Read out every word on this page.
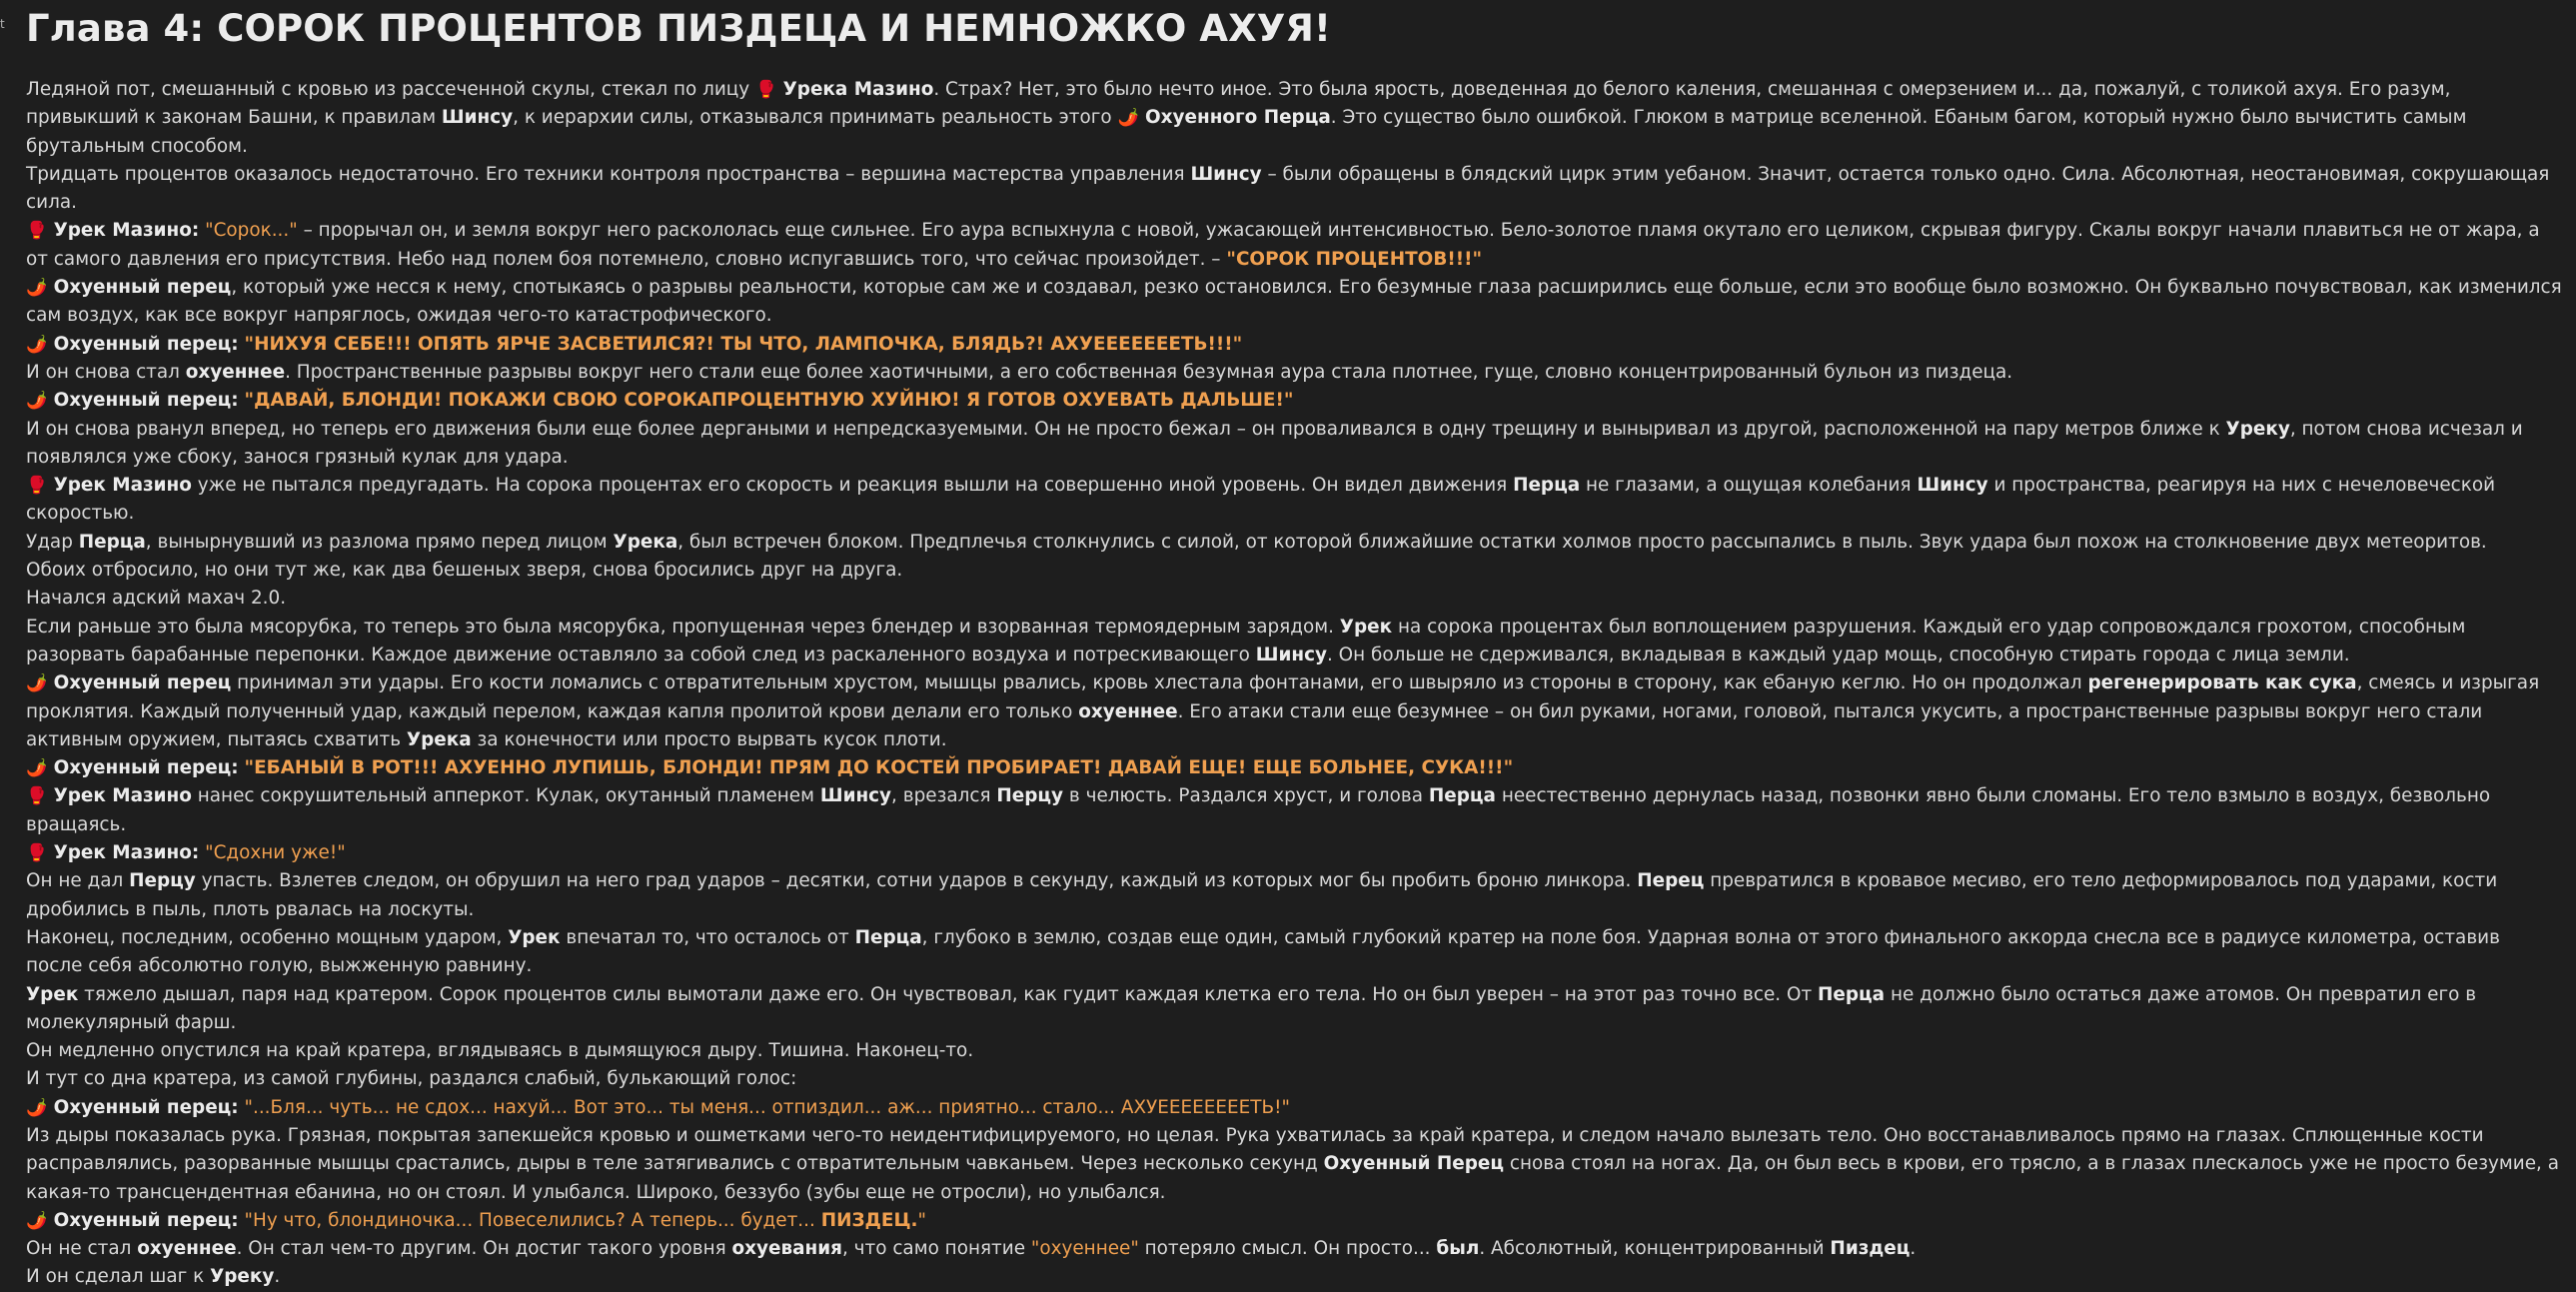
t Глава 4: СОРОК ПРОЦЕНТОВ ПИЗДЕЦА И НЕМНОЖКО АХУЯ!

Ледяной пот, смешанный с кровью из рассеченной скулы, стекал по лицу 🥊 Урека Мазино. Страх? Нет, это было нечто иное. Это была ярость, доведенная до белого каления, смешанная с омерзением и... да, пожалуй, с толикой ахуя. Его разум, привыкший к законам Башни, к правилам Шинсу, к иерархии силы, отказывался принимать реальность этого 🌶️ Охуенного Перца. Это существо было ошибкой. Глюком в матрице вселенной. Ебаным багом, который нужно было вычистить самым брутальным способом.

Тридцать процентов оказалось недостаточно. Его техники контроля пространства – вершина мастерства управления Шинсу – были обращены в блядский цирк этим уебаном. Значит, остается только одно. Сила. Абсолютная, неостановимая, сокрушающая сила.

🥊 Урек Мазино: "Сорок..." – прорычал он, и земля вокруг него раскололась еще сильнее. Его аура вспыхнула с новой, ужасающей интенсивностью. Бело-золотое пламя окутало его целиком, скрывая фигуру. Скалы вокруг начали плавиться не от жара, а от самого давления его присутствия. Небо над полем боя потемнело, словно испугавшись того, что сейчас произойдет. – "СОРОК ПРОЦЕНТОВ!!!"

🌶️ Охуенный перец, который уже несся к нему, спотыкаясь о разрывы реальности, которые сам же и создавал, резко остановился. Его безумные глаза расширились еще больше, если это вообще было возможно. Он буквально почувствовал, как изменился сам воздух, как все вокруг напряглось, ожидая чего-то катастрофического.

🌶️ Охуенный перец: "НИХУЯ СЕБЕ!!! ОПЯТЬ ЯРЧЕ ЗАСВЕТИЛСЯ?! ТЫ ЧТО, ЛАМПОЧКА, БЛЯДЬ?! АХУЕЕЕЕЕЕЕТЬ!!!"

И он снова стал охуеннее. Пространственные разрывы вокруг него стали еще более хаотичными, а его собственная безумная аура стала плотнее, гуще, словно концентрированный бульон из пиздеца.

🌶️ Охуенный перец: "ДАВАЙ, БЛОНДИ! ПОКАЖИ СВОЮ СОРОКАПРОЦЕНТНУЮ ХУЙНЮ! Я ГОТОВ ОХУЕВАТЬ ДАЛЬШЕ!"

И он снова рванул вперед, но теперь его движения были еще более дергаными и непредсказуемыми. Он не просто бежал – он проваливался в одну трещину и выныривал из другой, расположенной на пару метров ближе к Уреку, потом снова исчезал и появлялся уже сбоку, занося грязный кулак для удара.

🥊 Урек Мазино уже не пытался предугадать. На сорока процентах его скорость и реакция вышли на совершенно иной уровень. Он видел движения Перца не глазами, а ощущая колебания Шинсу и пространства, реагируя на них с нечеловеческой скоростью.

Удар Перца, вынырнувший из разлома прямо перед лицом Урека, был встречен блоком. Предплечья столкнулись с силой, от которой ближайшие остатки холмов просто рассыпались в пыль. Звук удара был похож на столкновение двух метеоритов.

Обоих отбросило, но они тут же, как два бешеных зверя, снова бросились друг на друга.

Начался адский махач 2.0.

Если раньше это была мясорубка, то теперь это была мясорубка, пропущенная через блендер и взорванная термоядерным зарядом. Урек на сорока процентах был воплощением разрушения. Каждый его удар сопровождался грохотом, способным разорвать барабанные перепонки. Каждое движение оставляло за собой след из раскаленного воздуха и потрескивающего Шинсу. Он больше не сдерживался, вкладывая в каждый удар мощь, способную стирать города с лица земли.

🌶️ Охуенный перец принимал эти удары. Его кости ломались с отвратительным хрустом, мышцы рвались, кровь хлестала фонтанами, его швыряло из стороны в сторону, как ебаную кеглю. Но он продолжал регенерировать как сука, смеясь и изрыгая проклятия. Каждый полученный удар, каждый перелом, каждая капля пролитой крови делали его только охуеннее. Его атаки стали еще безумнее – он бил руками, ногами, головой, пытался укусить, а пространственные разрывы вокруг него стали активным оружием, пытаясь схватить Урека за конечности или просто вырвать кусок плоти.

🌶️ Охуенный перец: "ЕБАНЫЙ В РОТ!!! АХУЕННО ЛУПИШЬ, БЛОНДИ! ПРЯМ ДО КОСТЕЙ ПРОБИРАЕТ! ДАВАЙ ЕЩЕ! ЕЩЕ БОЛЬНЕЕ, СУКА!!!"

🥊 Урек Мазино нанес сокрушительный апперкот. Кулак, окутанный пламенем Шинсу, врезался Перцу в челюсть. Раздался хруст, и голова Перца неестественно дернулась назад, позвонки явно были сломаны. Его тело взмыло в воздух, безвольно вращаясь.

🥊 Урек Мазино: "Сдохни уже!"

Он не дал Перцу упасть. Взлетев следом, он обрушил на него град ударов – десятки, сотни ударов в секунду, каждый из которых мог бы пробить броню линкора. Перец превратился в кровавое месиво, его тело деформировалось под ударами, кости дробились в пыль, плоть рвалась на лоскуты.

Наконец, последним, особенно мощным ударом, Урек впечатал то, что осталось от Перца, глубоко в землю, создав еще один, самый глубокий кратер на поле боя. Ударная волна от этого финального аккорда снесла все в радиусе километра, оставив после себя абсолютно голую, выжженную равнину.

Урек тяжело дышал, паря над кратером. Сорок процентов силы вымотали даже его. Он чувствовал, как гудит каждая клетка его тела. Но он был уверен – на этот раз точно все. От Перца не должно было остаться даже атомов. Он превратил его в молекулярный фарш.

Он медленно опустился на край кратера, вглядываясь в дымящуюся дыру. Тишина. Наконец-то.

И тут со дна кратера, из самой глубины, раздался слабый, булькающий голос:

🌶️ Охуенный перец: "...Бля... чуть... не сдох... нахуй... Вот это... ты меня... отпиздил... аж... приятно... стало... АХУЕЕЕЕЕЕЕЕТЬ!"

Из дыры показалась рука. Грязная, покрытая запекшейся кровью и ошметками чего-то неидентифицируемого, но целая. Рука ухватилась за край кратера, и следом начало вылезать тело. Оно восстанавливалось прямо на глазах. Сплющенные кости расправлялись, разорванные мышцы срастались, дыры в теле затягивались с отвратительным чавканьем. Через несколько секунд Охуенный Перец снова стоял на ногах. Да, он был весь в крови, его трясло, а в глазах плескалось уже не просто безумие, а какая-то трансцендентная ебанина, но он стоял. И улыбался. Широко, беззубо (зубы еще не отросли), но улыбался.

🌶️ Охуенный перец: "Ну что, блондиночка... Повеселились? А теперь... будет... ПИЗДЕЦ."

Он не стал охуеннее. Он стал чем-то другим. Он достиг такого уровня охуевания, что само понятие "охуеннее" потеряло смысл. Он просто... был. Абсолютный, концентрированный Пиздец.

И он сделал шаг к Уреку.
